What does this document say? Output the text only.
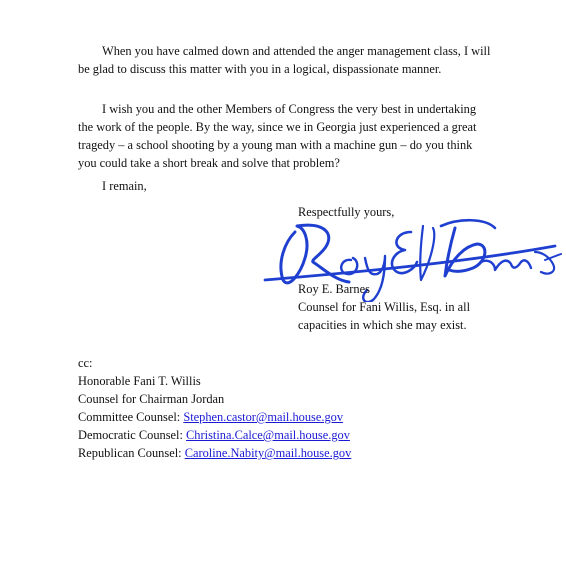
When you have calmed down and attended the anger management class, I will
be glad to discuss this matter with you in a logical, dispassionate manner.

I wish you and the other Members of Congress the very best in undertaking
the work of the people. By the way, since we in Georgia just experienced a great
tragedy – a school shooting by a young man with a machine gun – do you think
you could take a short break and solve that problem?

I remain,

Respectfully yours,
Roy E. Barnes
Counsel for Fani Willis, Esq. in all
capacities in which she may exist.
cc:
Honorable Fani T. Willis
Counsel for Chairman Jordan
Committee Counsel: Stephen.castor@mail.house.gov
Democratic Counsel: Christina.Calce@mail.house.gov
Republican Counsel: Caroline.Nabity@mail.house.gov
